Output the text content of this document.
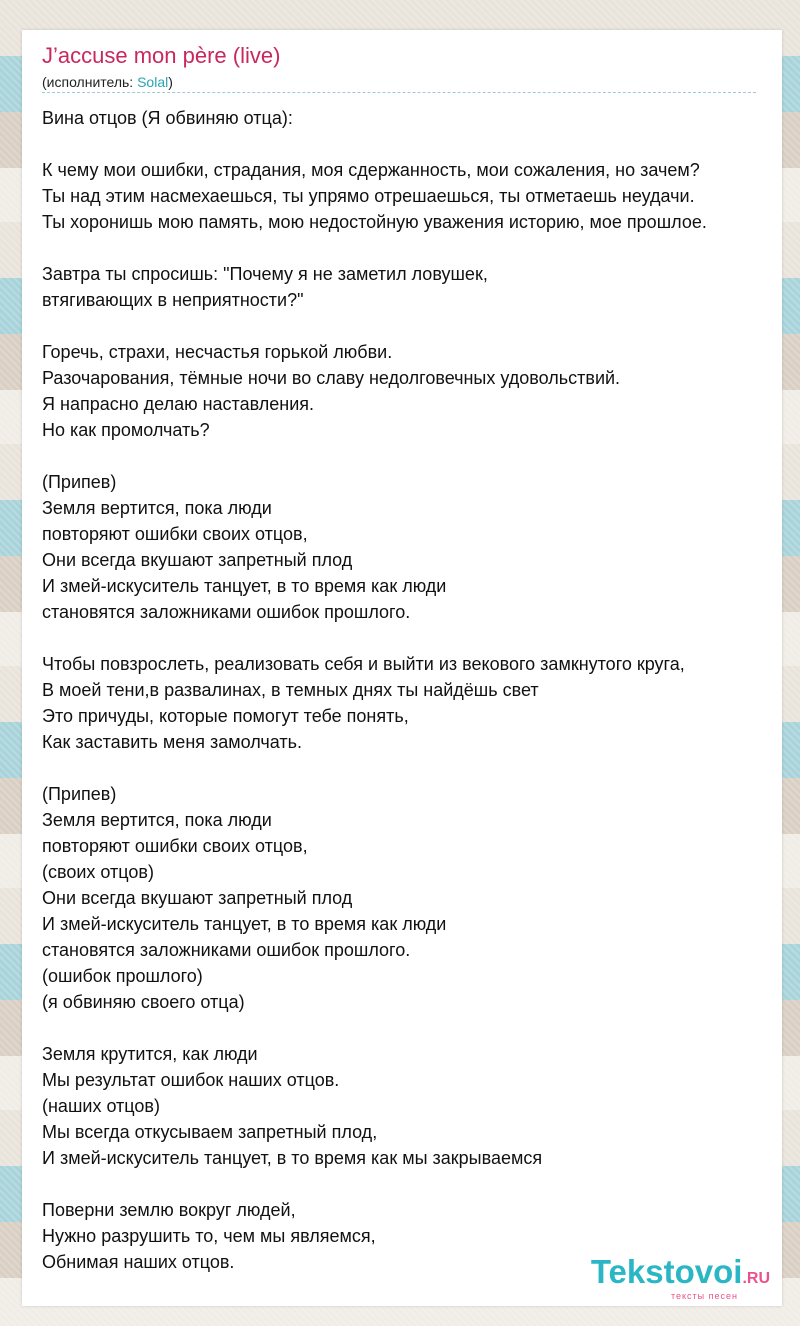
J’accuse mon père (live)
(исполнитель: Solal)
Вина отцов (Я обвиняю отца):
К чему мои ошибки, страдания, моя сдержанность, мои сожаления, но зачем?
Ты над этим насмехаешься, ты упрямо отрешаешься, ты отметаешь неудачи.
Ты хоронишь мою память, мою недостойную уважения историю, мое прошлое.
Завтра ты спросишь: "Почему я не заметил ловушек,
втягивающих в неприятности?"
Горечь, страхи, несчастья горькой любви.
Разочарования, тёмные ночи во славу недолговечных удовольствий.
Я напрасно делаю наставления.
Но как промолчать?
(Припев)
Земля вертится, пока люди
повторяют ошибки своих отцов,
Они всегда вкушают запретный плод
И змей-искуситель танцует, в то время как люди
становятся заложниками ошибок прошлого.
Чтобы повзрослеть, реализовать себя и выйти из векового замкнутого круга,
В моей тени,в развалинах, в темных днях ты найдёшь свет
Это причуды, которые помогут тебе понять,
Как заставить меня замолчать.
(Припев)
Земля вертится, пока люди
повторяют ошибки своих отцов,
(своих отцов)
Они всегда вкушают запретный плод
И змей-искуситель танцует, в то время как люди
становятся заложниками ошибок прошлого.
(ошибок прошлого)
(я обвиняю своего отца)
Земля крутится, как люди
Мы результат ошибок наших отцов.
(наших отцов)
Мы всегда откусываем запретный плод,
И змей-искуситель танцует, в то время как мы закрываемся
Поверни землю вокруг людей,
Нужно разрушить то, чем мы являемся,
Обнимая наших отцов.	Tekstovoi.RU
тексты песен
